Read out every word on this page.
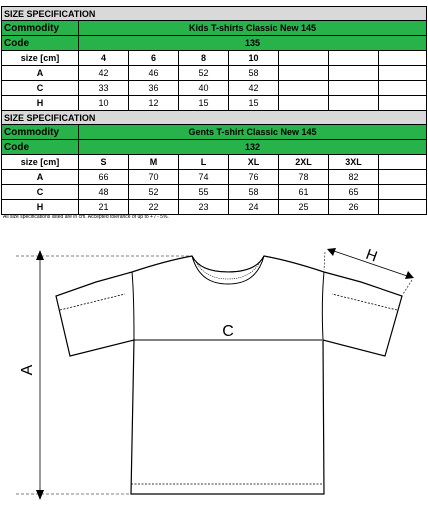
SIZE SPECIFICATION
Commodity	Kids T-shirts Classic New 145
Code	135
size [cm]	4	6	8	10
A	42	46	52	58
C	33	36	40	42
H	10	12	15	15
SIZE SPECIFICATION
Commodity	Gents T-shirt Classic New 145
Code	132
size [cm]	S	M	L	XL	2XL	3XL
A	66	70	74	76	78	82
C	48	52	55	58	61	65
H	21	22	23	24	25	26
All size specifications listed are in cm. Accepted tolerance of up to + / - 5%.
C
A
H
